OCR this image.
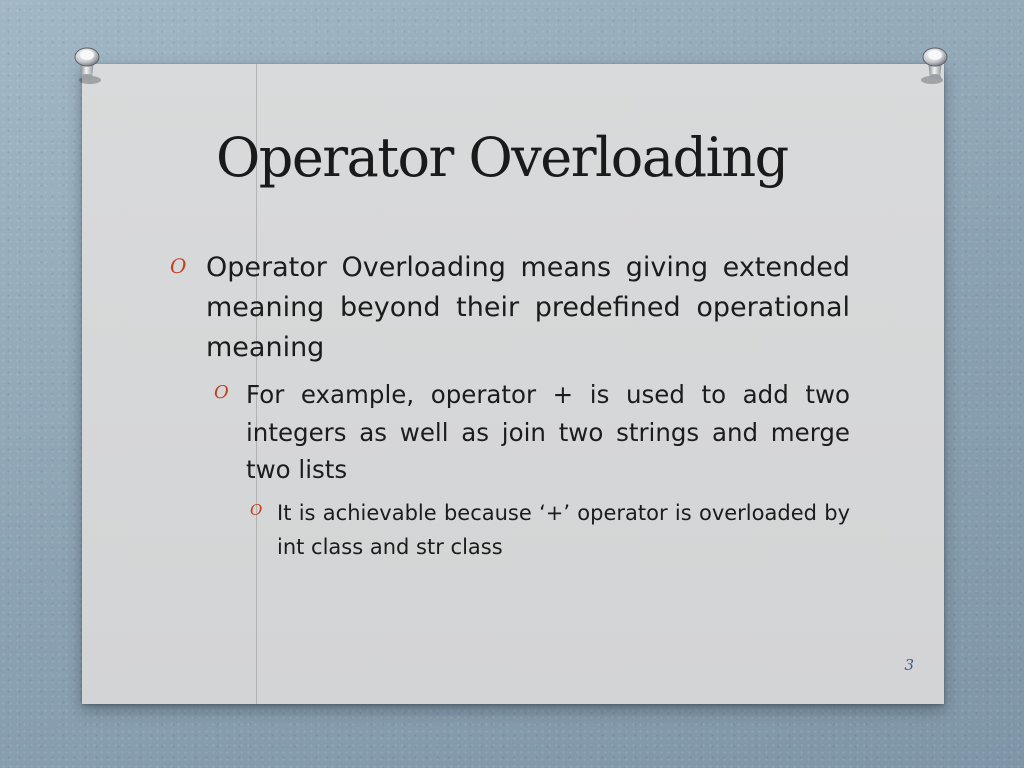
Operator Overloading
O Operator Overloading means giving extended meaning beyond their predefined operational meaning
O For example, operator + is used to add two integers as well as join two strings and merge two lists
O It is achievable because ‘+’ operator is overloaded by int class and str class
3
